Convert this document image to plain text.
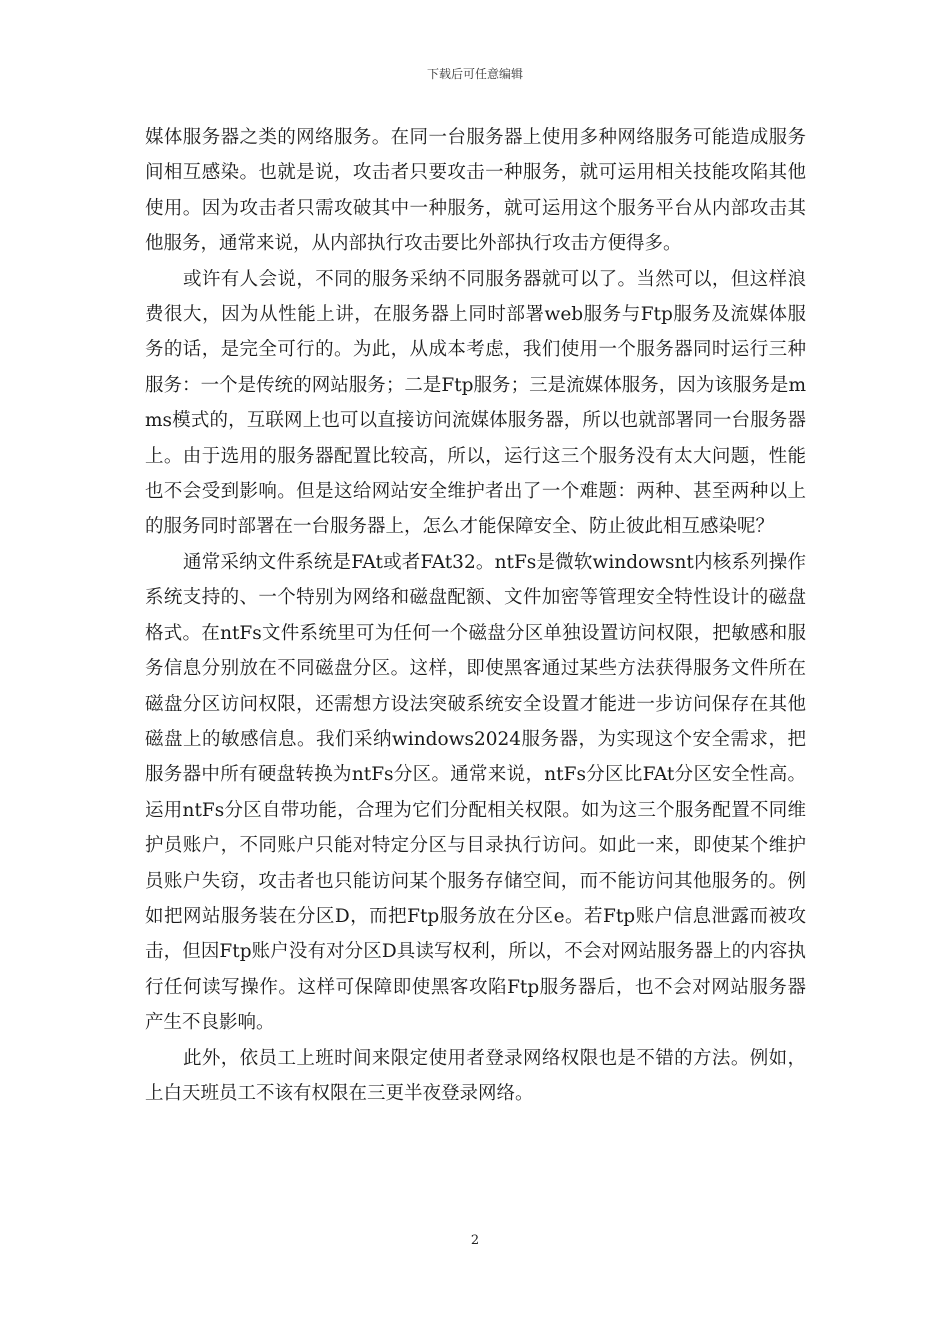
下载后可任意编辑

媒体服务器之类的网络服务。在同一台服务器上使用多种网络服务可能造成服务间相互感染。也就是说，攻击者只要攻击一种服务，就可运用相关技能攻陷其他使用。因为攻击者只需攻破其中一种服务，就可运用这个服务平台从内部攻击其他服务，通常来说，从内部执行攻击要比外部执行攻击方便得多。

或许有人会说，不同的服务采纳不同服务器就可以了。当然可以，但这样浪费很大，因为从性能上讲，在服务器上同时部署web服务与Ftp服务及流媒体服务的话，是完全可行的。为此，从成本考虑，我们使用一个服务器同时运行三种服务：一个是传统的网站服务；二是Ftp服务；三是流媒体服务，因为该服务是mms模式的，互联网上也可以直接访问流媒体服务器，所以也就部署同一台服务器上。由于选用的服务器配置比较高，所以，运行这三个服务没有太大问题，性能也不会受到影响。但是这给网站安全维护者出了一个难题：两种、甚至两种以上的服务同时部署在一台服务器上，怎么才能保障安全、防止彼此相互感染呢？

通常采纳文件系统是FAt或者FAt32。ntFs是微软windowsnt内核系列操作系统支持的、一个特别为网络和磁盘配额、文件加密等管理安全特性设计的磁盘格式。在ntFs文件系统里可为任何一个磁盘分区单独设置访问权限，把敏感和服务信息分别放在不同磁盘分区。这样，即使黑客通过某些方法获得服务文件所在磁盘分区访问权限，还需想方设法突破系统安全设置才能进一步访问保存在其他磁盘上的敏感信息。我们采纳windows2024服务器，为实现这个安全需求，把服务器中所有硬盘转换为ntFs分区。通常来说，ntFs分区比FAt分区安全性高。运用ntFs分区自带功能，合理为它们分配相关权限。如为这三个服务配置不同维护员账户，不同账户只能对特定分区与目录执行访问。如此一来，即使某个维护员账户失窃，攻击者也只能访问某个服务存储空间，而不能访问其他服务的。例如把网站服务装在分区D，而把Ftp服务放在分区e。若Ftp账户信息泄露而被攻击，但因Ftp账户没有对分区D具读写权利，所以，不会对网站服务器上的内容执行任何读写操作。这样可保障即使黑客攻陷Ftp服务器后，也不会对网站服务器产生不良影响。

此外，依员工上班时间来限定使用者登录网络权限也是不错的方法。例如，上白天班员工不该有权限在三更半夜登录网络。

2
